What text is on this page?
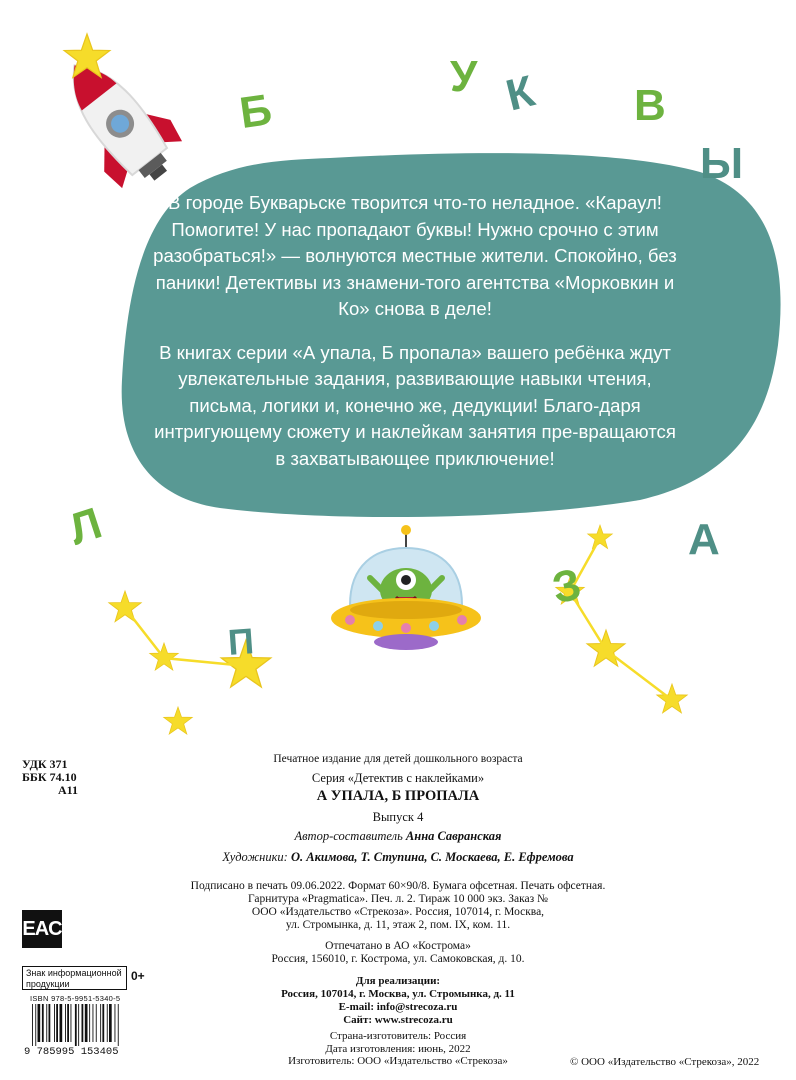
Б
У К В
Ы
Л
П
З
А

В городе Букварьске творится что-то неладное. «Караул! Помогите! У нас пропадают буквы! Нужно срочно с этим разобраться!» — волнуются местные жители. Спокойно, без паники! Детективы из знамени-того агентства «Морковкин и Ко» снова в деле!

В книгах серии «А упала, Б пропала» вашего ребёнка ждут увлекательные задания, развивающие навыки чтения, письма, логики и, конечно же, дедукции! Благо-даря интригующему сюжету и наклейкам занятия пре-вращаются в захватывающее приключение!

УДК 371
ББК 74.10
А11
Печатное издание для детей дошкольного возраста
Серия «Детектив с наклейками»
А УПАЛА, Б ПРОПАЛА
Выпуск 4
Автор-составитель Анна Савранская
Художники: О. Акимова, Т. Ступина, С. Москаева, Е. Ефремова
Подписано в печать 09.06.2022. Формат 60×90/8. Бумага офсетная. Печать офсетная.
Гарнитура «Pragmatica». Печ. л. 2. Тираж 10 000 экз. Заказ №
ООО «Издательство «Стрекоза». Россия, 107014, г. Москва,
ул. Стромынка, д. 11, этаж 2, пом. IX, ком. 11.
Отпечатано в АО «Кострома»
Россия, 156010, г. Кострома, ул. Самоковская, д. 10.
Для реализации:
Россия, 107014, г. Москва, ул. Стромынка, д. 11
E-mail: info@strecoza.ru
Сайт: www.strecoza.ru
Страна-изготовитель: Россия
Дата изготовления: июнь, 2022
Изготовитель: ООО «Издательство «Стрекоза»	© ООО «Издательство «Стрекоза», 2022
EAC
Знак информационной продукции
0+
ISBN 978-5-9951-5340-5
9 785995 153405
